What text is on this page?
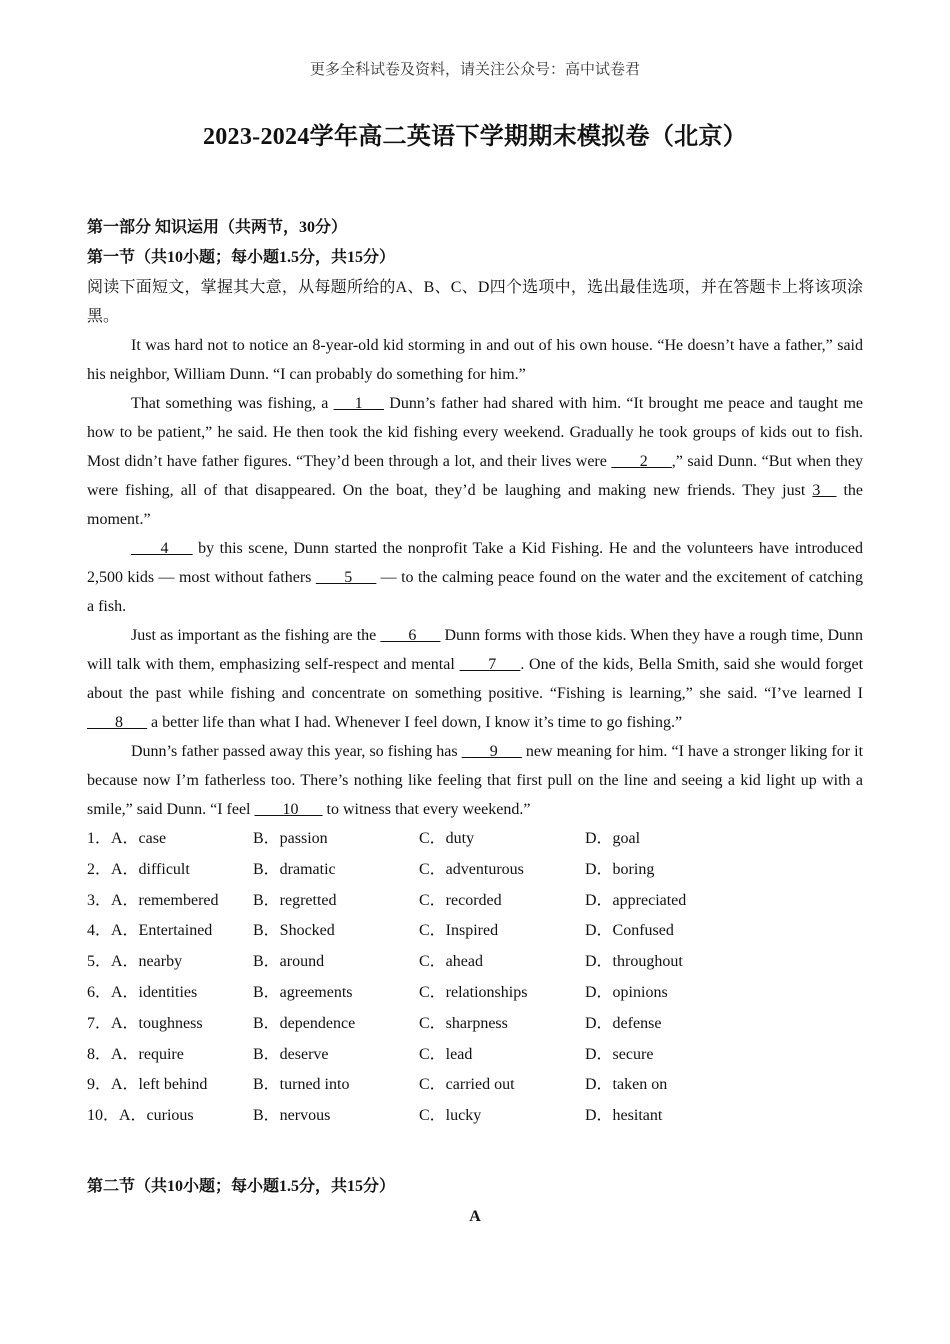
更多全科试卷及资料，请关注公众号：高中试卷君
2023-2024学年高二英语下学期期末模拟卷（北京）
第一部分 知识运用（共两节，30分）
第一节（共10小题；每小题1.5分，共15分）
阅读下面短文，掌握其大意，从每题所给的A、B、C、D四个选项中，选出最佳选项，并在答题卡上将该项涂黑。
It was hard not to notice an 8-year-old kid storming in and out of his own house. “He doesn’t have a father,” said his neighbor, William Dunn. “I can probably do something for him.”
That something was fishing, a  __1__  Dunn’s father had shared with him. “It brought me peace and taught me how to be patient,” he said. He then took the kid fishing every weekend. Gradually he took groups of kids out to fish. Most didn’t have father figures. “They’d been through a lot, and their lives were  ___2___,” said Dunn. “But when they were fishing, all of that disappeared. On the boat, they’d be laughing and making new friends. They just 3__ the moment.”
___4___ by this scene, Dunn started the nonprofit Take a Kid Fishing. He and the volunteers have introduced 2,500 kids — most without fathers  ___5___ — to the calming peace found on the water and the excitement of catching a fish.
Just as important as the fishing are the  ___6___ Dunn forms with those kids. When they have a rough time, Dunn will talk with them, emphasizing self-respect and mental  ___7___. One of the kids, Bella Smith, said she would forget about the past while fishing and concentrate on something positive. “Fishing is learning,” she said. “I’ve learned I  ___8___ a better life than what I had. Whenever I feel down, I know it’s time to go fishing.”
Dunn’s father passed away this year, so fishing has  ___9___ new meaning for him. “I have a stronger liking for it because now I’m fatherless too. There’s nothing like feeling that first pull on the line and seeing a kid light up with a smile,” said Dunn. “I feel  ___10___ to witness that every weekend.”
1．A．case	B．passion	C．duty	D．goal
2．A．difficult	B．dramatic	C．adventurous	D．boring
3．A．remembered	B．regretted	C．recorded	D．appreciated
4．A．Entertained	B．Shocked	C．Inspired	D．Confused
5．A．nearby	B．around	C．ahead	D．throughout
6．A．identities	B．agreements	C．relationships	D．opinions
7．A．toughness	B．dependence	C．sharpness	D．defense
8．A．require	B．deserve	C．lead	D．secure
9．A．left behind	B．turned into	C．carried out	D．taken on
10．A．curious	B．nervous	C．lucky	D．hesitant
第二节（共10小题；每小题1.5分，共15分）
A
